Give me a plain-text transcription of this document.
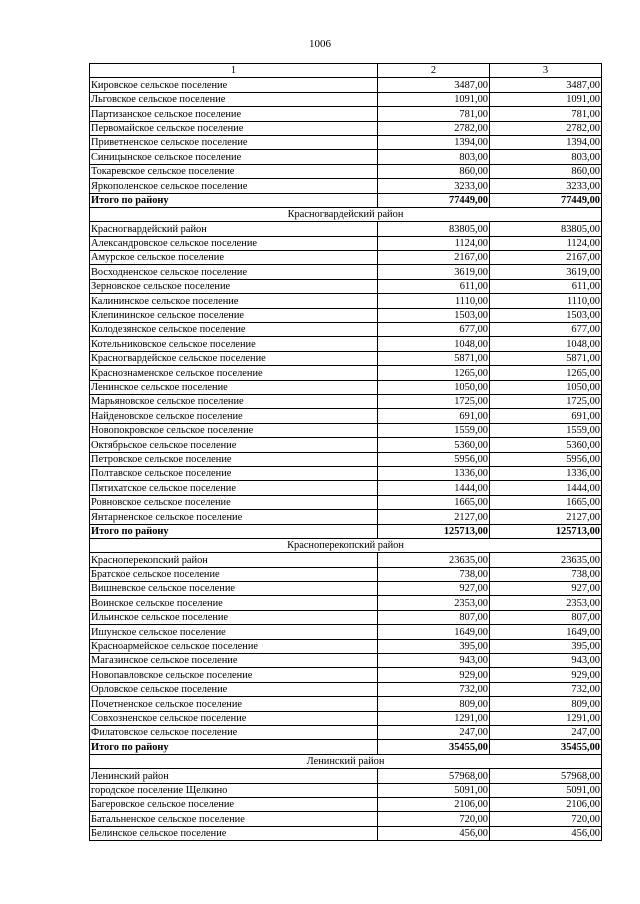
1006
1	2	3
Кировское сельское поселение	3487,00	3487,00
Льговское сельское поселение	1091,00	1091,00
Партизанское сельское поселение	781,00	781,00
Первомайское сельское поселение	2782,00	2782,00
Приветненское сельское поселение	1394,00	1394,00
Синицынское сельское поселение	803,00	803,00
Токаревское сельское поселение	860,00	860,00
Яркополенское сельское поселение	3233,00	3233,00
Итого по району	77449,00	77449,00
Красногвардейский район		
Красногвардейский район	83805,00	83805,00
Александровское сельское поселение	1124,00	1124,00
Амурское сельское поселение	2167,00	2167,00
Восходненское сельское поселение	3619,00	3619,00
Зерновское сельское поселение	611,00	611,00
Калининское сельское поселение	1110,00	1110,00
Клепининское сельское поселение	1503,00	1503,00
Колодезянское сельское поселение	677,00	677,00
Котельниковское сельское поселение	1048,00	1048,00
Красногвардейское сельское поселение	5871,00	5871,00
Краснознаменское сельское поселение	1265,00	1265,00
Ленинское сельское поселение	1050,00	1050,00
Марьяновское сельское поселение	1725,00	1725,00
Найденовское сельское поселение	691,00	691,00
Новопокровское сельское поселение	1559,00	1559,00
Октябрьское сельское поселение	5360,00	5360,00
Петровское сельское поселение	5956,00	5956,00
Полтавское сельское поселение	1336,00	1336,00
Пятихатское сельское поселение	1444,00	1444,00
Ровновское сельское поселение	1665,00	1665,00
Янтарненское сельское поселение	2127,00	2127,00
Итого по району	125713,00	125713,00
Красноперекопский район		
Красноперекопский район	23635,00	23635,00
Братское сельское поселение	738,00	738,00
Вишневское сельское поселение	927,00	927,00
Воинское сельское поселение	2353,00	2353,00
Ильинское сельское поселение	807,00	807,00
Ишунское сельское поселение	1649,00	1649,00
Красноармейское сельское поселение	395,00	395,00
Магазинское сельское поселение	943,00	943,00
Новопавловское сельское поселение	929,00	929,00
Орловское сельское поселение	732,00	732,00
Почетненское сельское поселение	809,00	809,00
Совхозненское сельское поселение	1291,00	1291,00
Филатовское сельское поселение	247,00	247,00
Итого по району	35455,00	35455,00
Ленинский район		
Ленинский район	57968,00	57968,00
городское поселение Щелкино	5091,00	5091,00
Багеровское сельское поселение	2106,00	2106,00
Батальненское сельское поселение	720,00	720,00
Белинское сельское поселение	456,00	456,00
